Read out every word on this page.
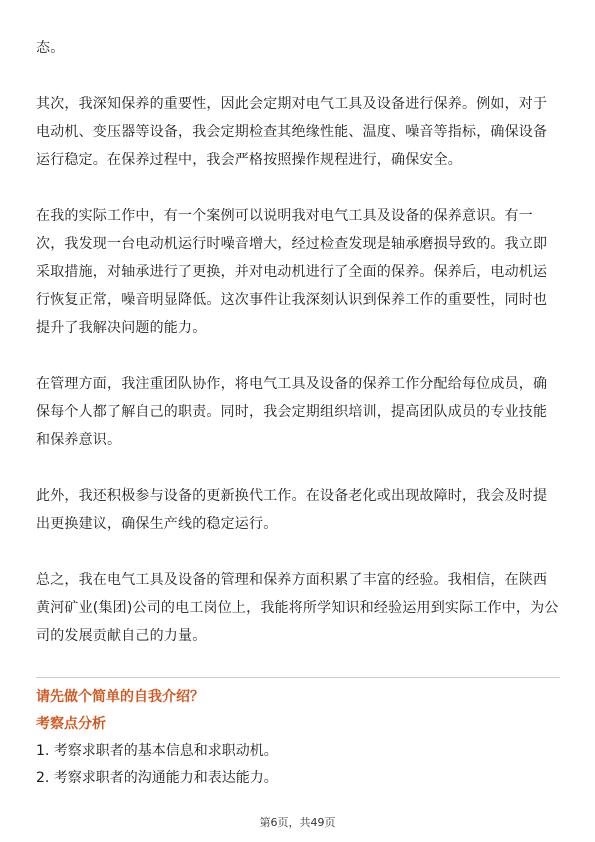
态。

其次，我深知保养的重要性，因此会定期对电气工具及设备进行保养。例如，对于电动机、变压器等设备，我会定期检查其绝缘性能、温度、噪音等指标，确保设备运行稳定。在保养过程中，我会严格按照操作规程进行，确保安全。

在我的实际工作中，有一个案例可以说明我对电气工具及设备的保养意识。有一次，我发现一台电动机运行时噪音增大，经过检查发现是轴承磨损导致的。我立即采取措施，对轴承进行了更换，并对电动机进行了全面的保养。保养后，电动机运行恢复正常，噪音明显降低。这次事件让我深刻认识到保养工作的重要性，同时也提升了我解决问题的能力。

在管理方面，我注重团队协作，将电气工具及设备的保养工作分配给每位成员，确保每个人都了解自己的职责。同时，我会定期组织培训，提高团队成员的专业技能和保养意识。

此外，我还积极参与设备的更新换代工作。在设备老化或出现故障时，我会及时提出更换建议，确保生产线的稳定运行。

总之，我在电气工具及设备的管理和保养方面积累了丰富的经验。我相信，在陕西黄河矿业(集团)公司的电工岗位上，我能将所学知识和经验运用到实际工作中，为公司的发展贡献自己的力量。

请先做个简单的自我介绍？

考察点分析

1. 考察求职者的基本信息和求职动机。

2. 考察求职者的沟通能力和表达能力。

第6页，共49页
